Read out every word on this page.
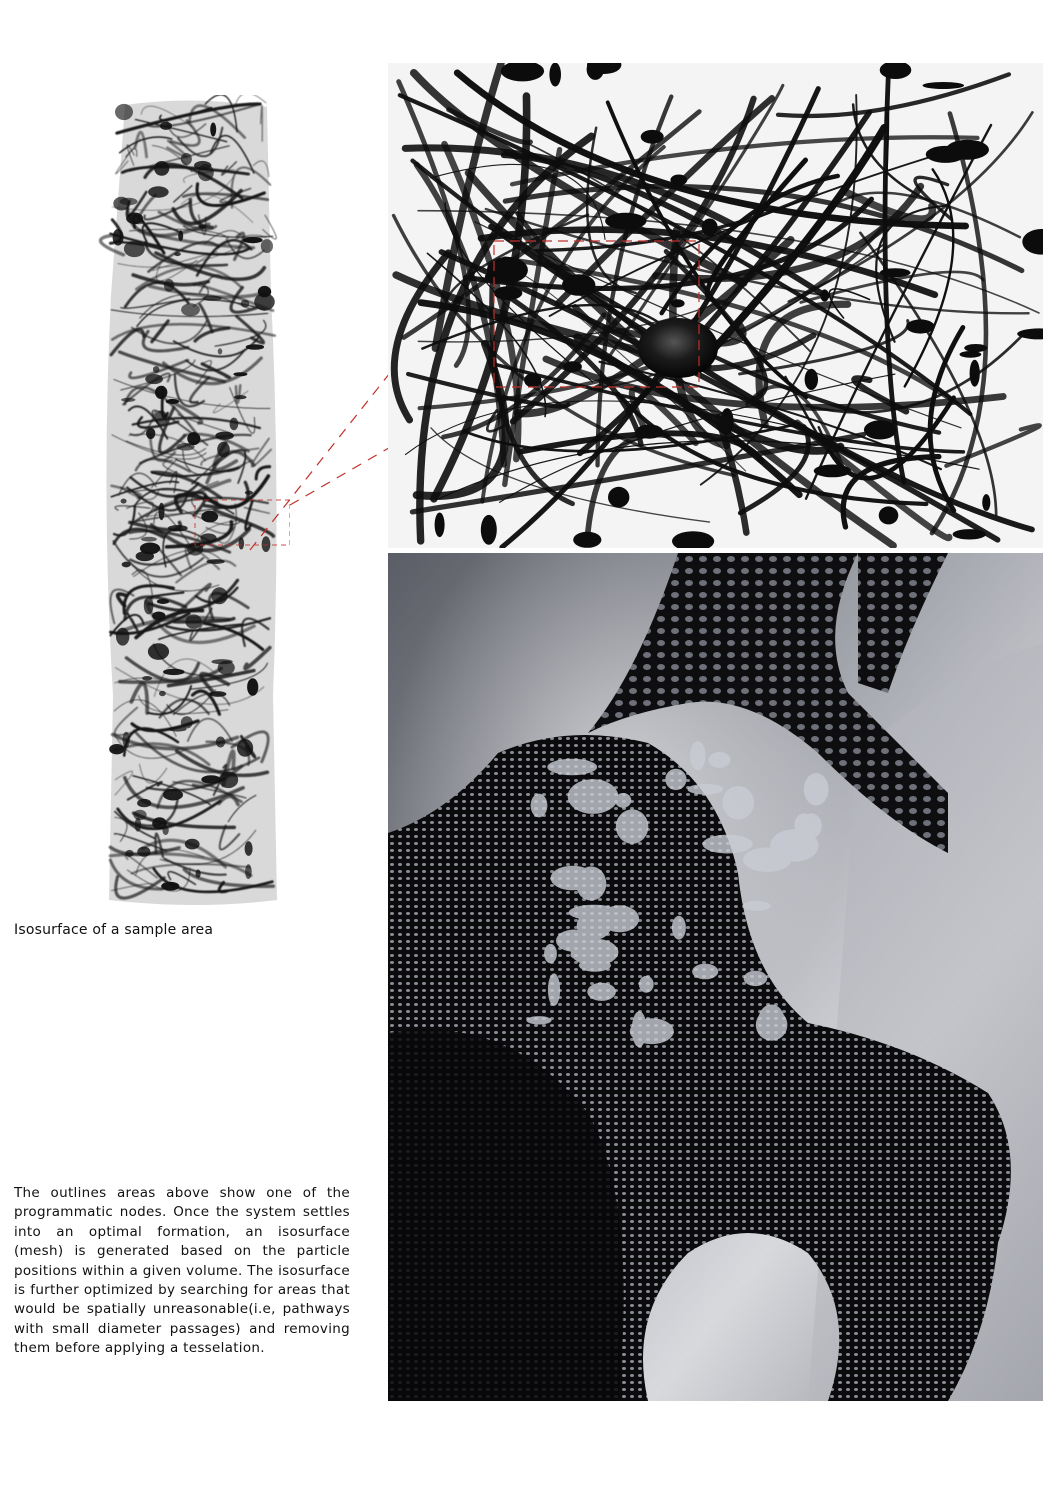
Isosurface of a sample area
The outlines areas above show one of the programmatic nodes. Once the system settles into an optimal formation, an isosurface (mesh) is generated based on the particle positions within a given volume. The isosurface is further optimized by searching for areas that would be spatially unreasonable(i.e, pathways with small diameter passages) and removing them before applying a tesselation.
